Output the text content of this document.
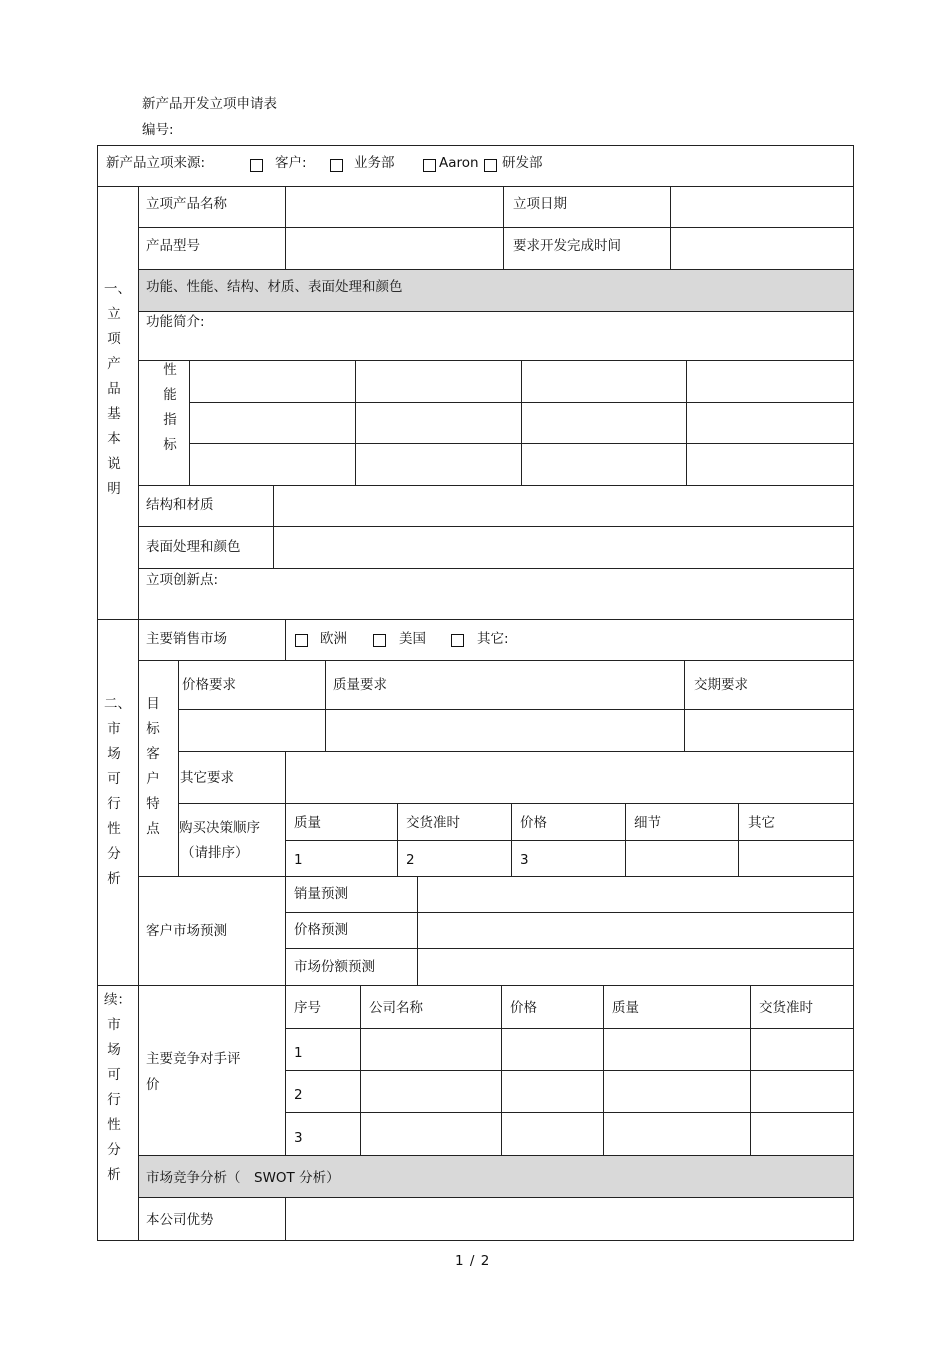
新产品开发立项申请表
编号:
新产品立项来源:	客户:	业务部	Aaron 研发部
一、立项产品基本说明
二、市场可行性分析
续：市场可行性分析
立项产品名称	立项日期
产品型号	要求开发完成时间
功能、性能、结构、材质、表面处理和颜色
功能简介:
性能指标
结构和材质
表面处理和颜色
立项创新点:
主要销售市场	欧洲	美国	其它:
目标客户特点
价格要求	质量要求	交期要求
其它要求
购买决策顺序
（请排序）
质量	交货准时	价格	细节	其它
1	2	3
客户市场预测
销量预测
价格预测
市场份额预测
主要竞争对手评
价
序号	公司名称	价格	质量	交货准时
1
2
3
市场竞争分析（　SWOT 分析）
本公司优势
1 / 2
